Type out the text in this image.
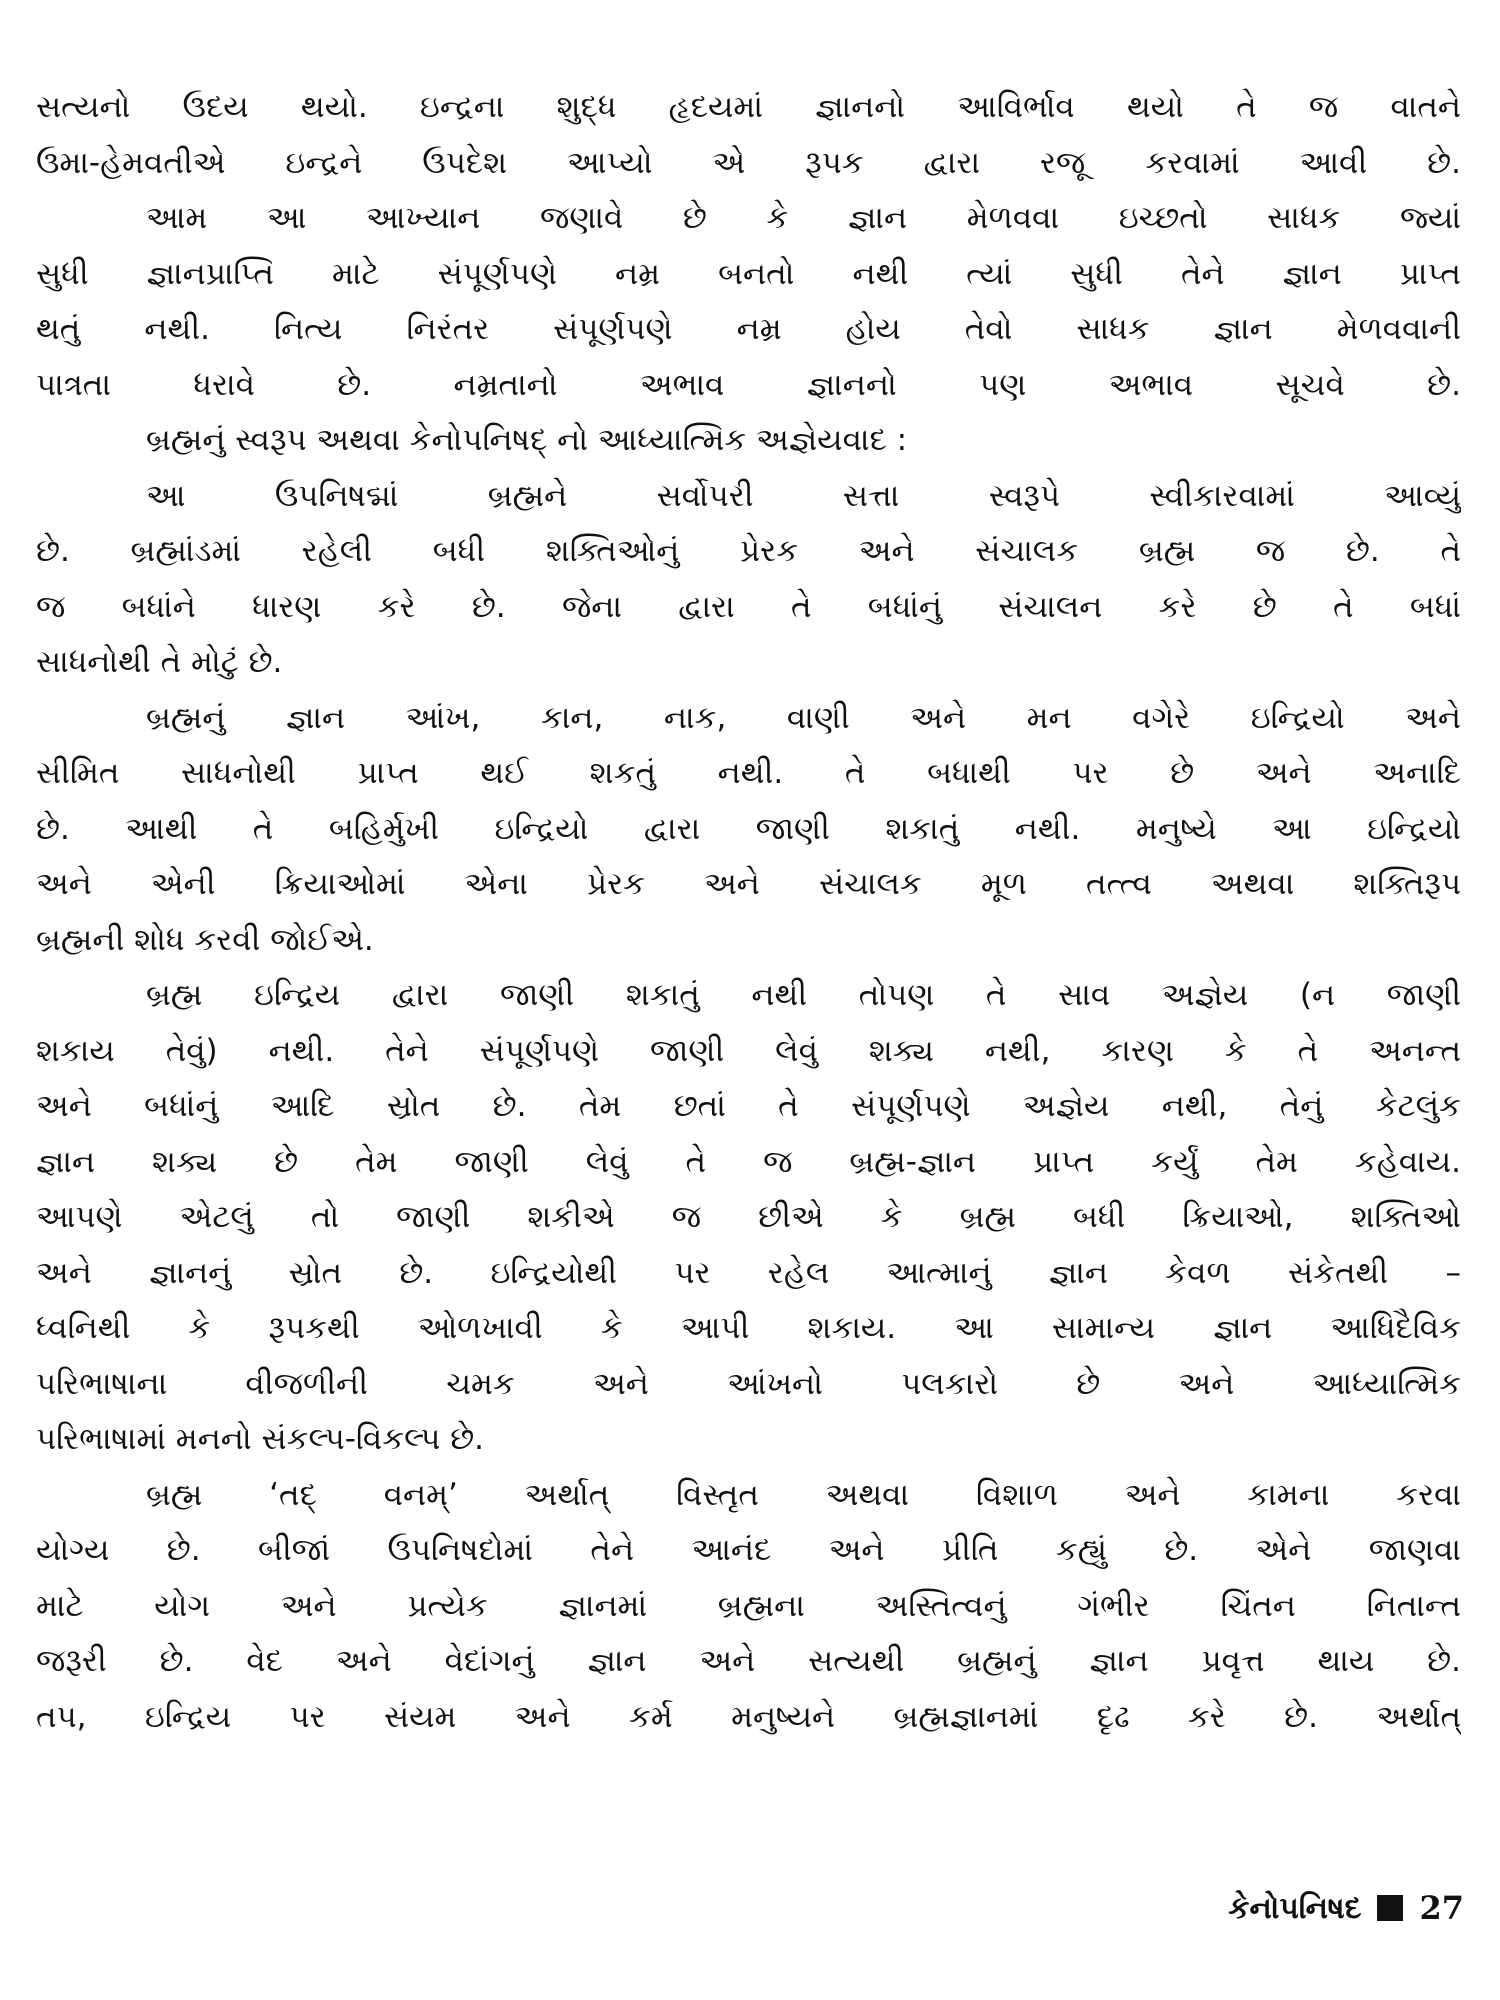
સત્યનો ઉદય થયો. ઇન્દ્રના શુદ્ધ હૃદયમાં જ્ઞાનનો આવિર્ભાવ થયો તે જ વાતને
ઉમા-હેમવતીએ ઇન્દ્રને ઉપદેશ આપ્યો એ રૂપક દ્વારા રજૂ કરવામાં આવી છે.
આમ આ આખ્યાન જણાવે છે કે જ્ઞાન મેળવવા ઇચ્છતો સાધક જ્યાં
સુધી જ્ઞાનપ્રાપ્તિ માટે સંપૂર્ણપણે નમ્ર બનતો નથી ત્યાં સુધી તેને જ્ઞાન પ્રાપ્ત
થતું નથી. નિત્ય નિરંતર સંપૂર્ણપણે નમ્ર હોય તેવો સાધક જ્ઞાન મેળવવાની
પાત્રતા ધરાવે છે. નમ્રતાનો અભાવ જ્ઞાનનો પણ અભાવ સૂચવે છે.
બ્રહ્મનું સ્વરૂપ અથવા કેનોપનિષદ્ નો આધ્યાત્મિક અજ્ઞેયવાદ :
આ ઉપનિષદ્માં બ્રહ્મને સર્વોપરી સત્તા સ્વરૂપે સ્વીકારવામાં આવ્યું
છે. બ્રહ્માંડમાં રહેલી બધી શક્તિઓનું પ્રેરક અને સંચાલક બ્રહ્મ જ છે. તે
જ બધાંને ધારણ કરે છે. જેના દ્વારા તે બધાંનું સંચાલન કરે છે તે બધાં
સાધનોથી તે મોટું છે.
બ્રહ્મનું જ્ઞાન આંખ, કાન, નાક, વાણી અને મન વગેરે ઇન્દ્રિયો અને
સીમિત સાધનોથી પ્રાપ્ત થઈ શકતું નથી. તે બધાથી પર છે અને અનાદિ
છે. આથી તે બહિર્મુખી ઇન્દ્રિયો દ્વારા જાણી શકાતું નથી. મનુષ્યે આ ઇન્દ્રિયો
અને એની ક્રિયાઓમાં એના પ્રેરક અને સંચાલક મૂળ તત્ત્વ અથવા શક્તિરૂપ
બ્રહ્મની શોધ કરવી જોઈએ.
બ્રહ્મ ઇન્દ્રિય દ્વારા જાણી શકાતું નથી તોપણ તે સાવ અજ્ઞેય (ન જાણી
શકાય તેવું) નથી. તેને સંપૂર્ણપણે જાણી લેવું શક્ય નથી, કારણ કે તે અનન્ત
અને બધાંનું આદિ સ્રોત છે. તેમ છતાં તે સંપૂર્ણપણે અજ્ઞેય નથી, તેનું કેટલુંક
જ્ઞાન શક્ય છે તેમ જાણી લેવું તે જ બ્રહ્મ-જ્ઞાન પ્રાપ્ત કર્યું તેમ કહેવાય.
આપણે એટલું તો જાણી શકીએ જ છીએ કે બ્રહ્મ બધી ક્રિયાઓ, શક્તિઓ
અને જ્ઞાનનું સ્રોત છે. ઇન્દ્રિયોથી પર રહેલ આત્માનું જ્ઞાન કેવળ સંકેતથી –
ધ્વનિથી કે રૂપકથી ઓળખાવી કે આપી શકાય. આ સામાન્ય જ્ઞાન આધિદૈવિક
પરિભાષાના વીજળીની ચમક અને આંખનો પલકારો છે અને આધ્યાત્મિક
પરિભાષામાં મનનો સંકલ્પ-વિકલ્પ છે.
બ્રહ્મ ‘તદ્ વનમ્’ અર્થાત્ વિસ્તૃત અથવા વિશાળ અને કામના કરવા
યોગ્ય છે. બીજાં ઉપનિષદોમાં તેને આનંદ અને પ્રીતિ કહ્યું છે. એને જાણવા
માટે યોગ અને પ્રત્યેક જ્ઞાનમાં બ્રહ્મના અસ્તિત્વનું ગંભીર ચિંતન નિતાન્ત
જરૂરી છે. વેદ અને વેદાંગનું જ્ઞાન અને સત્યથી બ્રહ્મનું જ્ઞાન પ્રવૃત્ત થાય છે.
તપ, ઇન્દ્રિય પર સંયમ અને કર્મ મનુષ્યને બ્રહ્મજ્ઞાનમાં દૃઢ કરે છે. અર્થાત્
કેનોપનિષદ 27
